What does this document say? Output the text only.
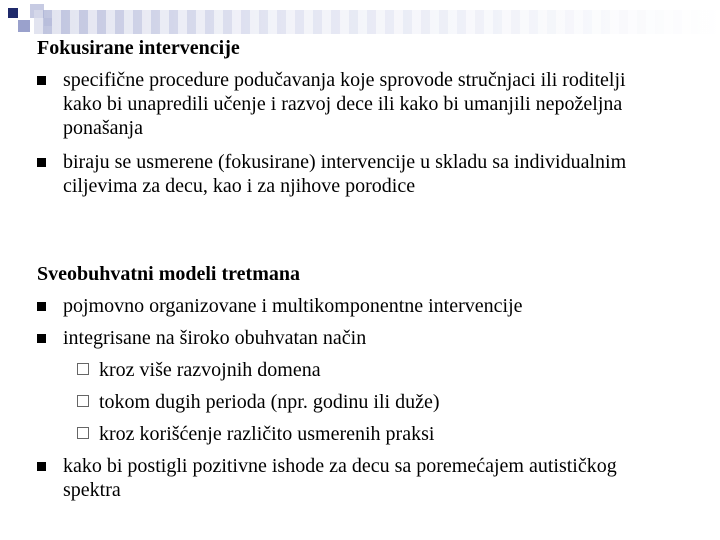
Fokusirane intervencije
specifične procedure podučavanja koje sprovode stručnjaci ili roditelji kako bi unapredili učenje i razvoj dece ili kako bi umanjili nepoželjna ponašanja
biraju se usmerene (fokusirane) intervencije u skladu sa individualnim ciljevima za decu, kao i za njihove porodice
Sveobuhvatni modeli tretmana
pojmovno organizovane i multikomponentne intervencije
integrisane na široko obuhvatan način
kroz više razvojnih domena
tokom dugih perioda (npr. godinu ili duže)
kroz korišćenje različito usmerenih praksi
kako bi postigli pozitivne ishode za decu sa poremećajem autističkog spektra
